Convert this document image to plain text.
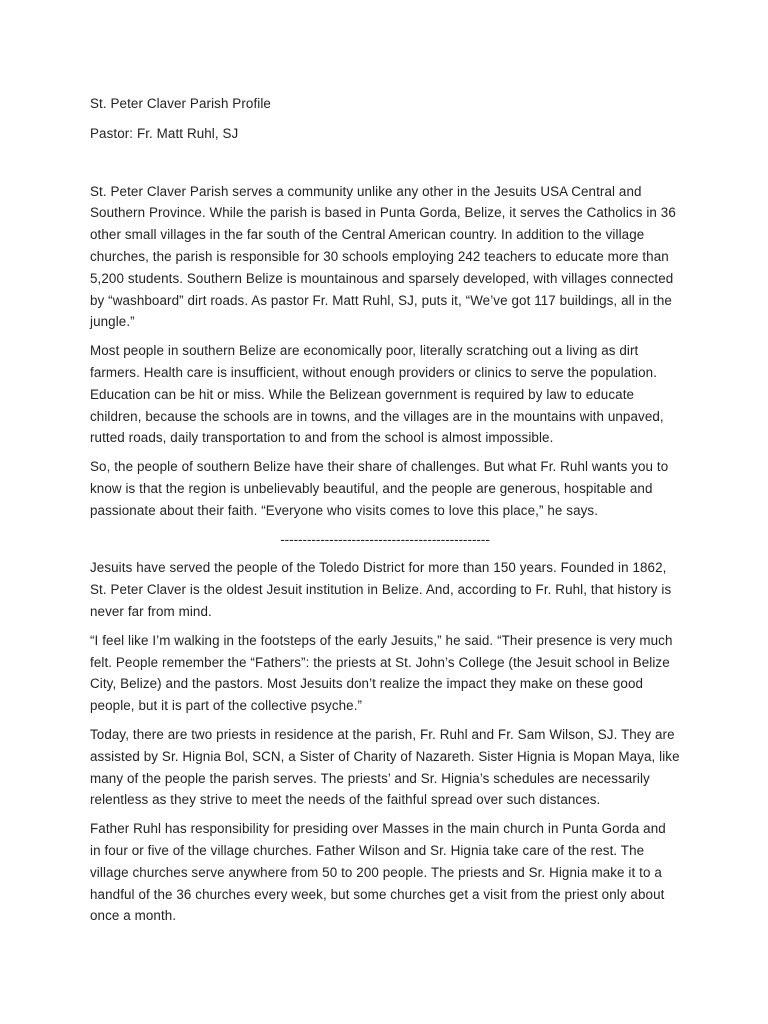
St. Peter Claver Parish Profile

Pastor: Fr. Matt Ruhl, SJ

St. Peter Claver Parish serves a community unlike any other in the Jesuits USA Central and Southern Province. While the parish is based in Punta Gorda, Belize, it serves the Catholics in 36 other small villages in the far south of the Central American country. In addition to the village churches, the parish is responsible for 30 schools employing 242 teachers to educate more than 5,200 students. Southern Belize is mountainous and sparsely developed, with villages connected by “washboard” dirt roads. As pastor Fr. Matt Ruhl, SJ, puts it, “We’ve got 117 buildings, all in the jungle.”

Most people in southern Belize are economically poor, literally scratching out a living as dirt farmers. Health care is insufficient, without enough providers or clinics to serve the population. Education can be hit or miss. While the Belizean government is required by law to educate children, because the schools are in towns, and the villages are in the mountains with unpaved, rutted roads, daily transportation to and from the school is almost impossible.

So, the people of southern Belize have their share of challenges. But what Fr. Ruhl wants you to know is that the region is unbelievably beautiful, and the people are generous, hospitable and passionate about their faith. “Everyone who visits comes to love this place,” he says.

-----------------------------------------------

Jesuits have served the people of the Toledo District for more than 150 years. Founded in 1862, St. Peter Claver is the oldest Jesuit institution in Belize. And, according to Fr. Ruhl, that history is never far from mind.

“I feel like I’m walking in the footsteps of the early Jesuits,” he said. “Their presence is very much felt. People remember the “Fathers”: the priests at St. John’s College (the Jesuit school in Belize City, Belize) and the pastors. Most Jesuits don’t realize the impact they make on these good people, but it is part of the collective psyche.”

Today, there are two priests in residence at the parish, Fr. Ruhl and Fr. Sam Wilson, SJ. They are assisted by Sr. Hignia Bol, SCN, a Sister of Charity of Nazareth. Sister Hignia is Mopan Maya, like many of the people the parish serves. The priests’ and Sr. Hignia’s schedules are necessarily relentless as they strive to meet the needs of the faithful spread over such distances.

Father Ruhl has responsibility for presiding over Masses in the main church in Punta Gorda and in four or five of the village churches. Father Wilson and Sr. Hignia take care of the rest. The village churches serve anywhere from 50 to 200 people. The priests and Sr. Hignia make it to a handful of the 36 churches every week, but some churches get a visit from the priest only about once a month.
